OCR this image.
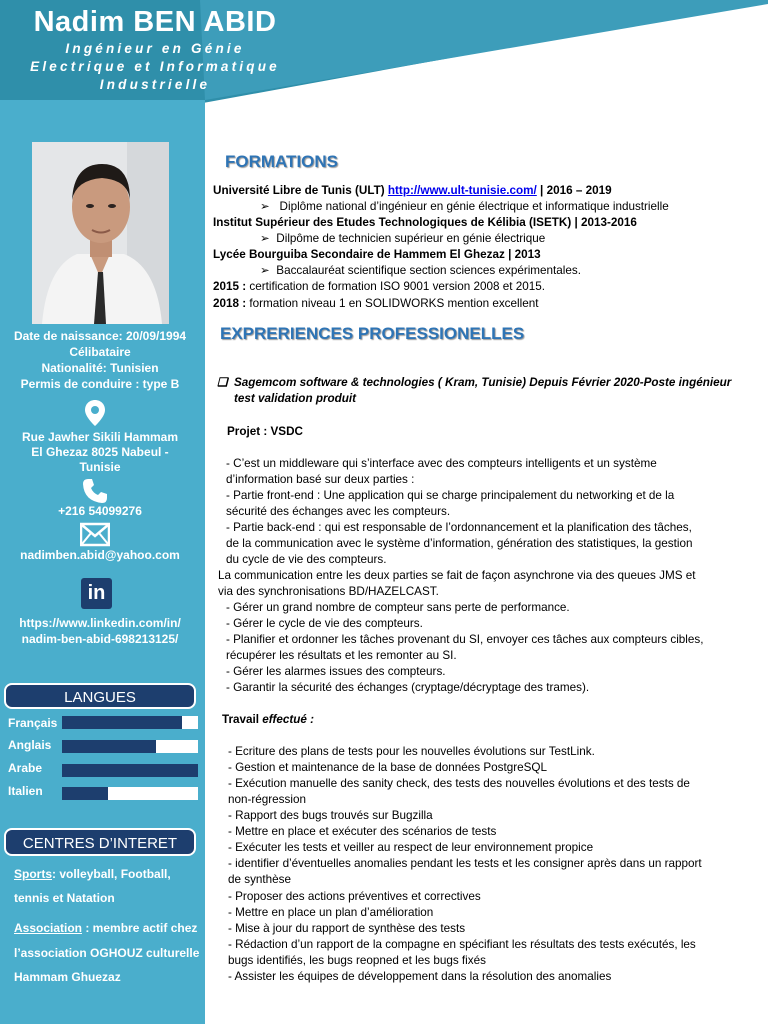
Nadim BEN ABID
Ingénieur en Génie
Electrique et Informatique
Industrielle
Date de naissance: 20/09/1994
Célibataire
Nationalité: Tunisien
Permis de conduire : type B
Rue Jawher Sikili Hammam
El Ghezaz 8025 Nabeul -
Tunisie
+216 54099276
nadimben.abid@yahoo.com
in
https://www.linkedin.com/in/
nadim-ben-abid-698213125/
LANGUES
Français
Anglais
Arabe
Italien
CENTRES D’INTERET
Sports: volleyball, Football,
tennis et Natation
Association : membre actif chez
l’association OGHOUZ culturelle
Hammam Ghuezaz
FORMATIONS
Université Libre de Tunis (ULT) http://www.ult-tunisie.com/ | 2016 – 2019
➢   Diplôme national d’ingénieur en génie électrique et informatique industrielle
Institut Supérieur des Etudes Technologiques de Kélibia (ISETK) | 2013-2016
➢  Dilpôme de technicien supérieur en génie électrique
Lycée Bourguiba Secondaire de Hammem El Ghezaz | 2013
➢  Baccalauréat scientifique section sciences expérimentales.
2015 : certification de formation ISO 9001 version 2008 et 2015.
2018 : formation niveau 1 en SOLIDWORKS mention excellent
EXPRERIENCES PROFESSIONELLES
❑  Sagemcom software & technologies ( Kram, Tunisie) Depuis Février 2020-Poste ingénieur
test validation produit
Projet : VSDC
- C’est un middleware qui s’interface avec des compteurs intelligents et un système
d’information basé sur deux parties :
- Partie front-end : Une application qui se charge principalement du networking et de la
sécurité des échanges avec les compteurs.
- Partie back-end : qui est responsable de l’ordonnancement et la planification des tâches,
de la communication avec le système d’information, génération des statistiques, la gestion
du cycle de vie des compteurs.
La communication entre les deux parties se fait de façon asynchrone via des queues JMS et
via des synchronisations BD/HAZELCAST.
- Gérer un grand nombre de compteur sans perte de performance.
- Gérer le cycle de vie des compteurs.
- Planifier et ordonner les tâches provenant du SI, envoyer ces tâches aux compteurs cibles,
récupérer les résultats et les remonter au SI.
- Gérer les alarmes issues des compteurs.
- Garantir la sécurité des échanges (cryptage/décryptage des trames).
Travail effectué :
- Ecriture des plans de tests pour les nouvelles évolutions sur TestLink.
- Gestion et maintenance de la base de données PostgreSQL
- Exécution manuelle des sanity check, des tests des nouvelles évolutions et des tests de
non-régression
- Rapport des bugs trouvés sur Bugzilla
- Mettre en place et exécuter des scénarios de tests
- Exécuter les tests et veiller au respect de leur environnement propice
- identifier d’éventuelles anomalies pendant les tests et les consigner après dans un rapport
de synthèse
- Proposer des actions préventives et correctives
- Mettre en place un plan d’amélioration
- Mise à jour du rapport de synthèse des tests
- Rédaction d’un rapport de la compagne en spécifiant les résultats des tests exécutés, les
bugs identifiés, les bugs reopned et les bugs fixés
- Assister les équipes de développement dans la résolution des anomalies
